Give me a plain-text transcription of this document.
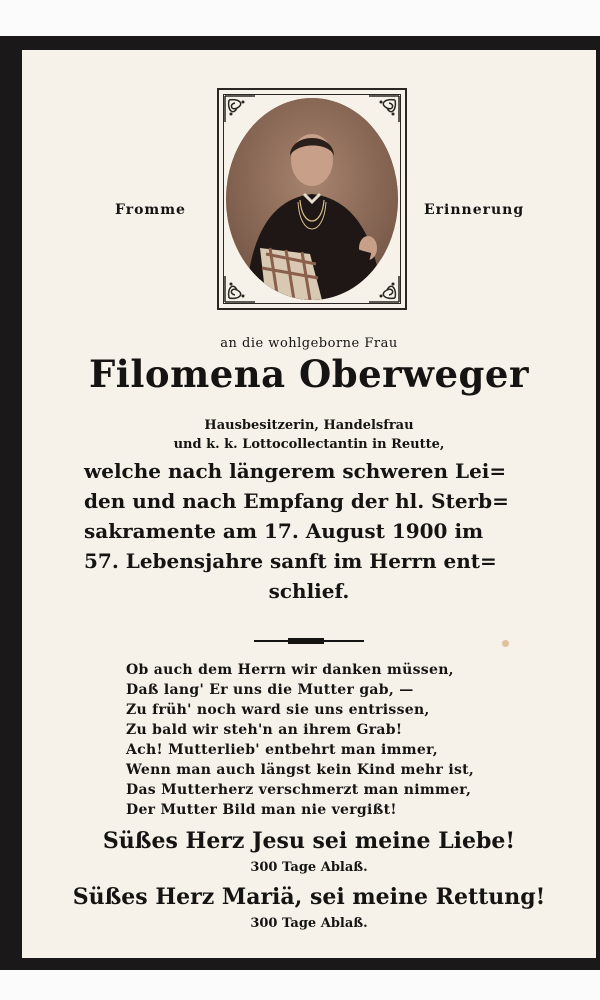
Fromme	Erinnerung
an die wohlgeborne Frau
Filomena Oberweger
Hausbesitzerin, Handelsfrau
und k. k. Lottocollectantin in Reutte,
welche nach längerem schweren Lei=
den und nach Empfang der hl. Sterb=
sakramente am 17. August 1900 im
57. Lebensjahre sanft im Herrn ent=
schlief.
Ob auch dem Herrn wir danken müssen,
Daß lang' Er uns die Mutter gab, —
Zu früh' noch ward sie uns entrissen,
Zu bald wir steh'n an ihrem Grab!
Ach! Mutterlieb' entbehrt man immer,
Wenn man auch längst kein Kind mehr ist,
Das Mutterherz verschmerzt man nimmer,
Der Mutter Bild man nie vergißt!
Süßes Herz Jesu sei meine Liebe!
300 Tage Ablaß.
Süßes Herz Mariä, sei meine Rettung!
300 Tage Ablaß.
